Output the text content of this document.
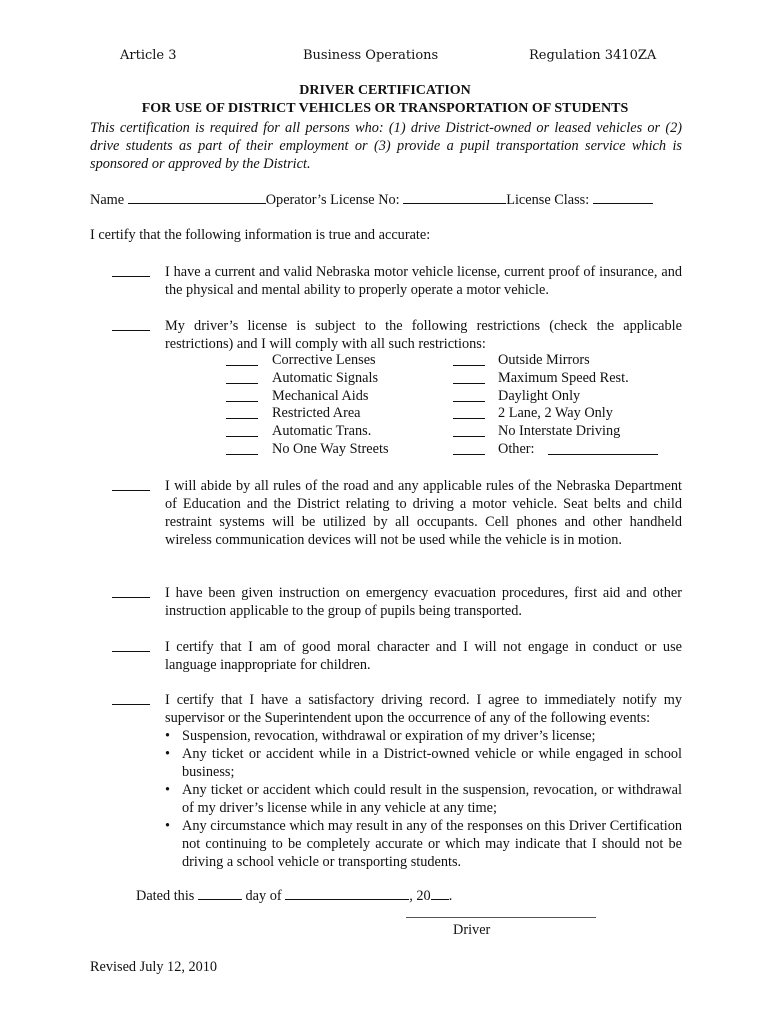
Article 3	Business Operations	Regulation 3410ZA
DRIVER CERTIFICATION
FOR USE OF DISTRICT VEHICLES OR TRANSPORTATION OF STUDENTS
This certification is required for all persons who: (1) drive District-owned or leased vehicles or (2) drive students as part of their employment or (3) provide a pupil transportation service which is sponsored or approved by the District.
Name	Operator’s License No:	License Class:
I certify that the following information is true and accurate:
I have a current and valid Nebraska motor vehicle license, current proof of insurance, and the physical and mental ability to properly operate a motor vehicle.
My driver’s license is subject to the following restrictions (check the applicable restrictions) and I will comply with all such restrictions:
Corrective Lenses	Outside Mirrors
Automatic Signals	Maximum Speed Rest.
Mechanical Aids	Daylight Only
Restricted Area	2 Lane, 2 Way Only
Automatic Trans.	No Interstate Driving
No One Way Streets	Other:
I will abide by all rules of the road and any applicable rules of the Nebraska Department of Education and the District relating to driving a motor vehicle. Seat belts and child restraint systems will be utilized by all occupants. Cell phones and other handheld wireless communication devices will not be used while the vehicle is in motion.
I have been given instruction on emergency evacuation procedures, first aid and other instruction applicable to the group of pupils being transported.
I certify that I am of good moral character and I will not engage in conduct or use language inappropriate for children.
I certify that I have a satisfactory driving record. I agree to immediately notify my supervisor or the Superintendent upon the occurrence of any of the following events:
• Suspension, revocation, withdrawal or expiration of my driver’s license;
• Any ticket or accident while in a District-owned vehicle or while engaged in school business;
• Any ticket or accident which could result in the suspension, revocation, or withdrawal of my driver’s license while in any vehicle at any time;
• Any circumstance which may result in any of the responses on this Driver Certification not continuing to be completely accurate or which may indicate that I should not be driving a school vehicle or transporting students.
Dated this	day of	, 20 .
Driver
Revised July 12, 2010
